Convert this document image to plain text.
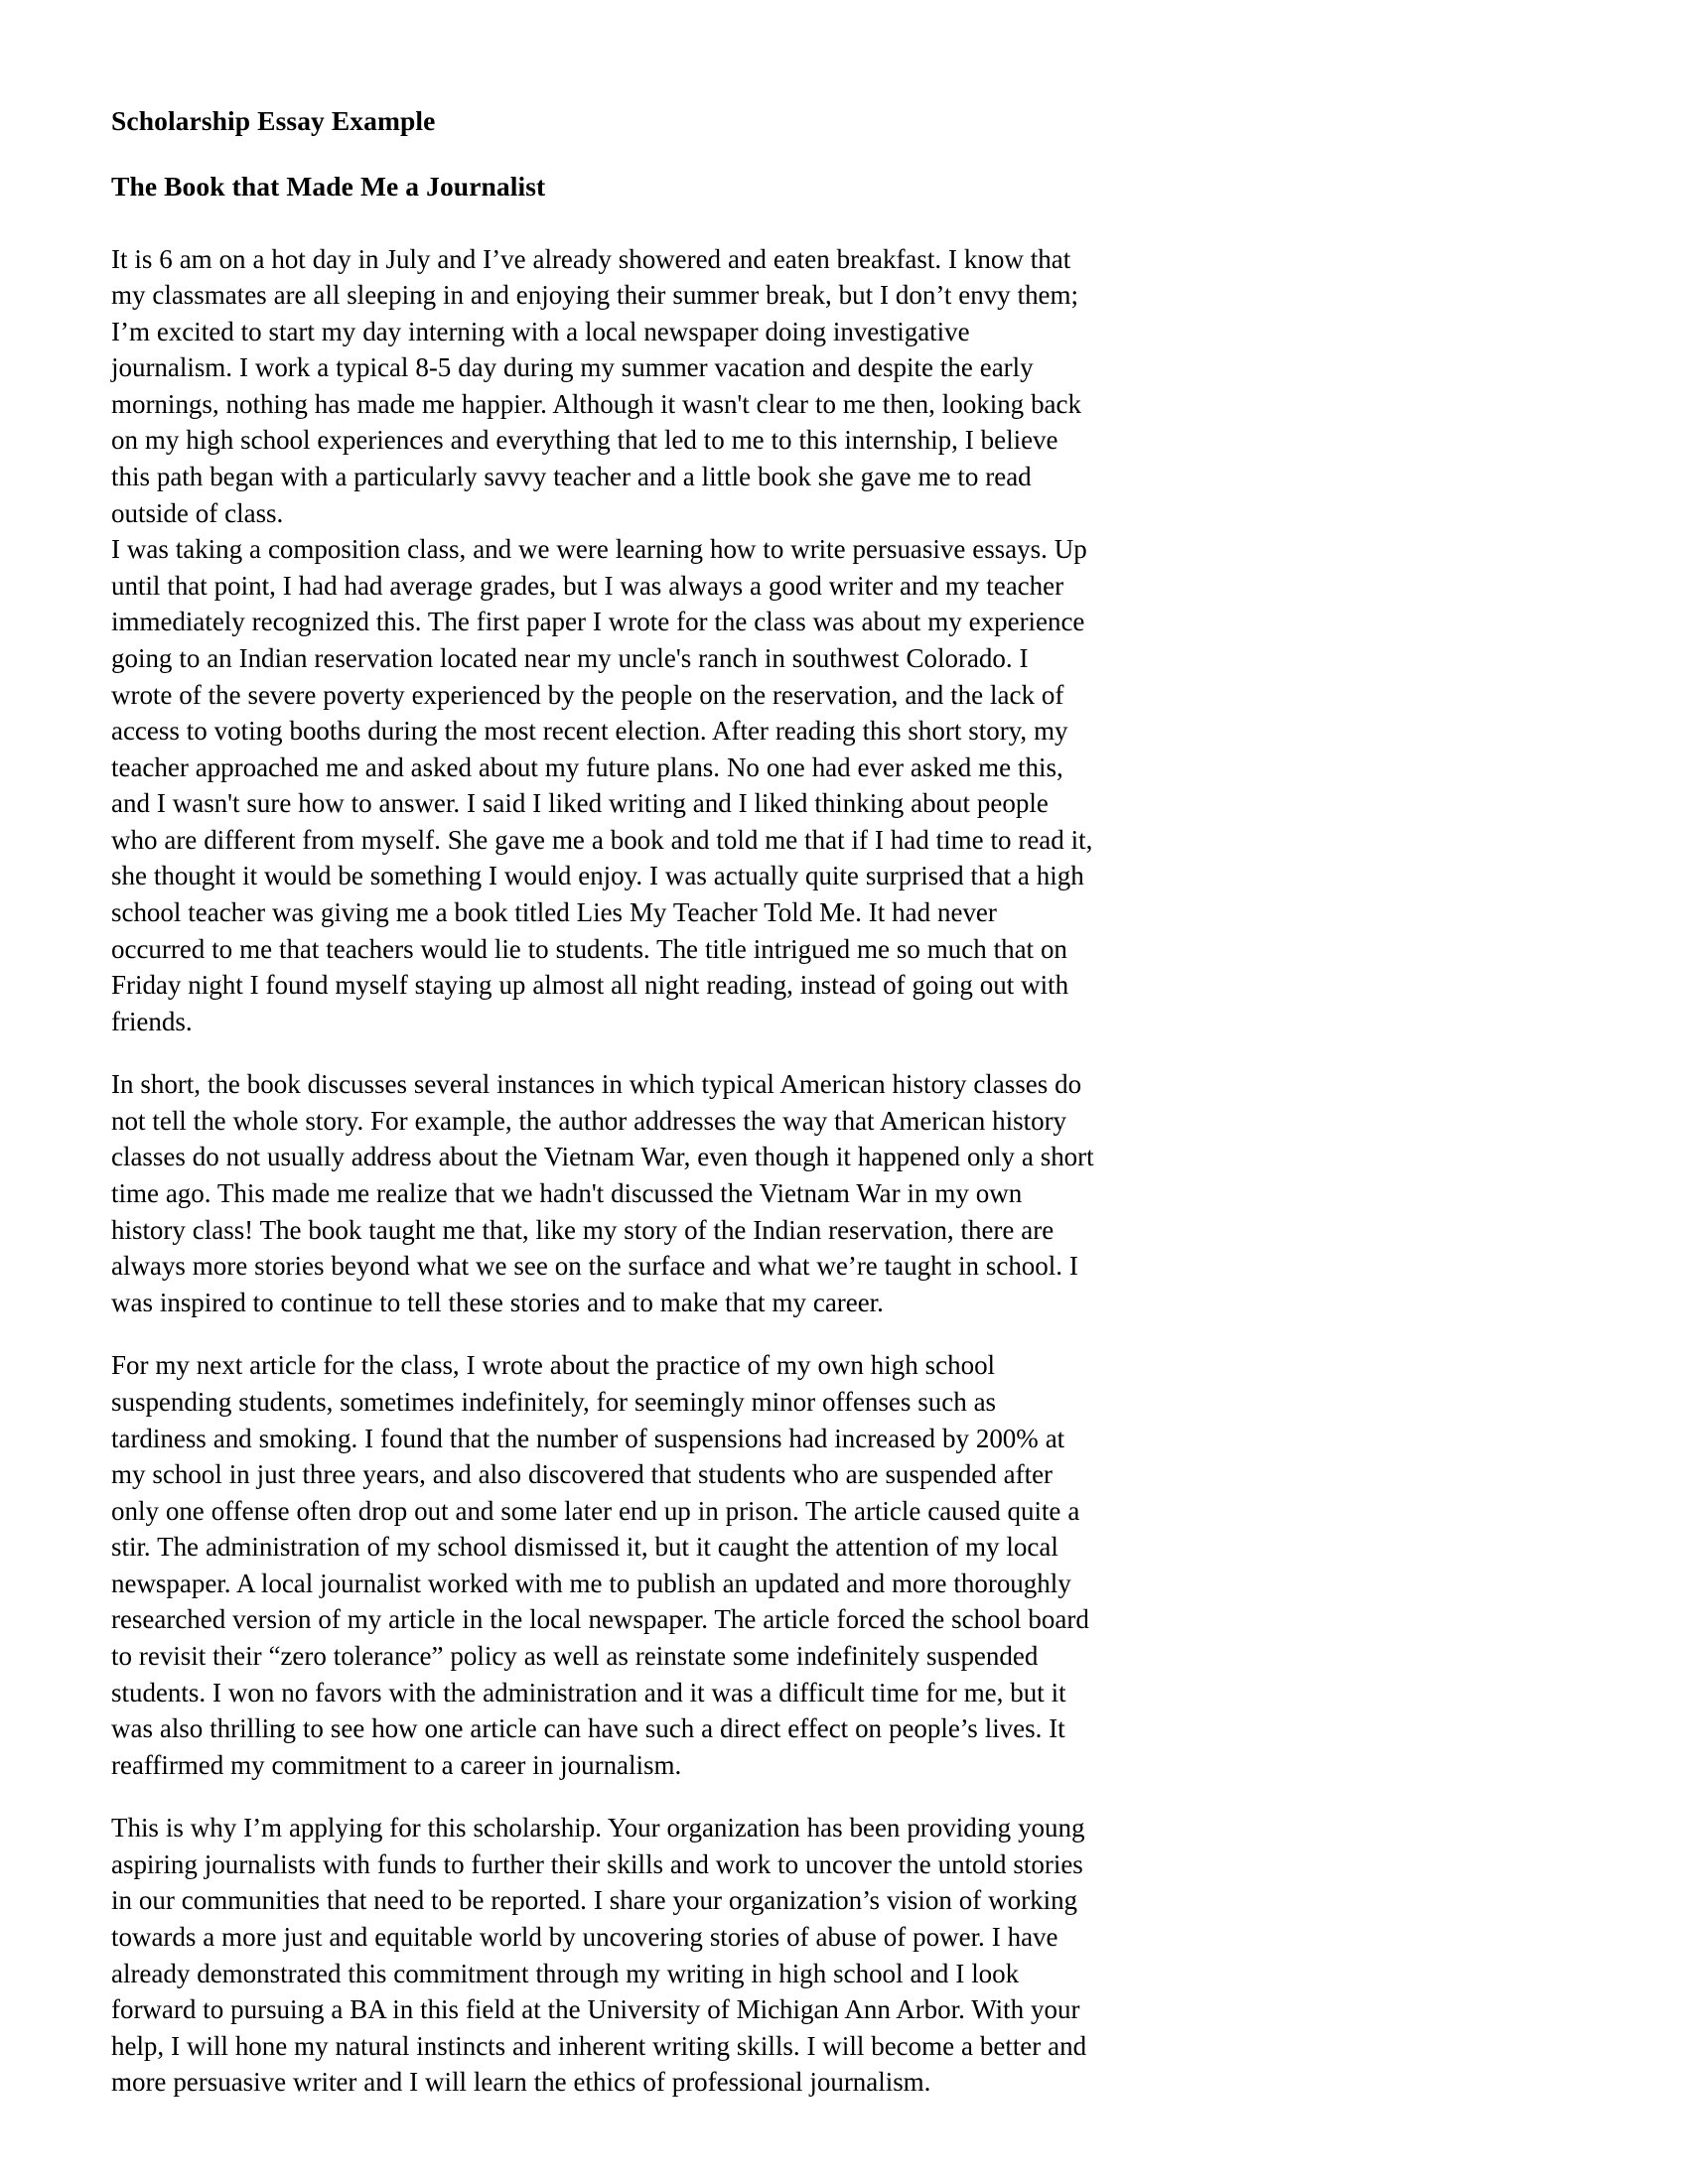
Scholarship Essay Example
The Book that Made Me a Journalist

It is 6 am on a hot day in July and I’ve already showered and eaten breakfast. I know that my classmates are all sleeping in and enjoying their summer break, but I don’t envy them; I’m excited to start my day interning with a local newspaper doing investigative journalism. I work a typical 8-5 day during my summer vacation and despite the early mornings, nothing has made me happier. Although it wasn't clear to me then, looking back on my high school experiences and everything that led to me to this internship, I believe this path began with a particularly savvy teacher and a little book she gave me to read outside of class.

I was taking a composition class, and we were learning how to write persuasive essays. Up until that point, I had had average grades, but I was always a good writer and my teacher immediately recognized this. The first paper I wrote for the class was about my experience going to an Indian reservation located near my uncle's ranch in southwest Colorado. I wrote of the severe poverty experienced by the people on the reservation, and the lack of access to voting booths during the most recent election. After reading this short story, my teacher approached me and asked about my future plans. No one had ever asked me this, and I wasn't sure how to answer. I said I liked writing and I liked thinking about people who are different from myself. She gave me a book and told me that if I had time to read it, she thought it would be something I would enjoy. I was actually quite surprised that a high school teacher was giving me a book titled Lies My Teacher Told Me. It had never occurred to me that teachers would lie to students. The title intrigued me so much that on Friday night I found myself staying up almost all night reading, instead of going out with friends.

In short, the book discusses several instances in which typical American history classes do not tell the whole story. For example, the author addresses the way that American history classes do not usually address about the Vietnam War, even though it happened only a short time ago. This made me realize that we hadn't discussed the Vietnam War in my own history class! The book taught me that, like my story of the Indian reservation, there are always more stories beyond what we see on the surface and what we’re taught in school. I was inspired to continue to tell these stories and to make that my career.

For my next article for the class, I wrote about the practice of my own high school suspending students, sometimes indefinitely, for seemingly minor offenses such as tardiness and smoking. I found that the number of suspensions had increased by 200% at my school in just three years, and also discovered that students who are suspended after only one offense often drop out and some later end up in prison. The article caused quite a stir. The administration of my school dismissed it, but it caught the attention of my local newspaper. A local journalist worked with me to publish an updated and more thoroughly researched version of my article in the local newspaper. The article forced the school board to revisit their “zero tolerance” policy as well as reinstate some indefinitely suspended students. I won no favors with the administration and it was a difficult time for me, but it was also thrilling to see how one article can have such a direct effect on people’s lives. It reaffirmed my commitment to a career in journalism.

This is why I’m applying for this scholarship. Your organization has been providing young aspiring journalists with funds to further their skills and work to uncover the untold stories in our communities that need to be reported. I share your organization’s vision of working towards a more just and equitable world by uncovering stories of abuse of power. I have already demonstrated this commitment through my writing in high school and I look forward to pursuing a BA in this field at the University of Michigan Ann Arbor. With your help, I will hone my natural instincts and inherent writing skills. I will become a better and more persuasive writer and I will learn the ethics of professional journalism.
